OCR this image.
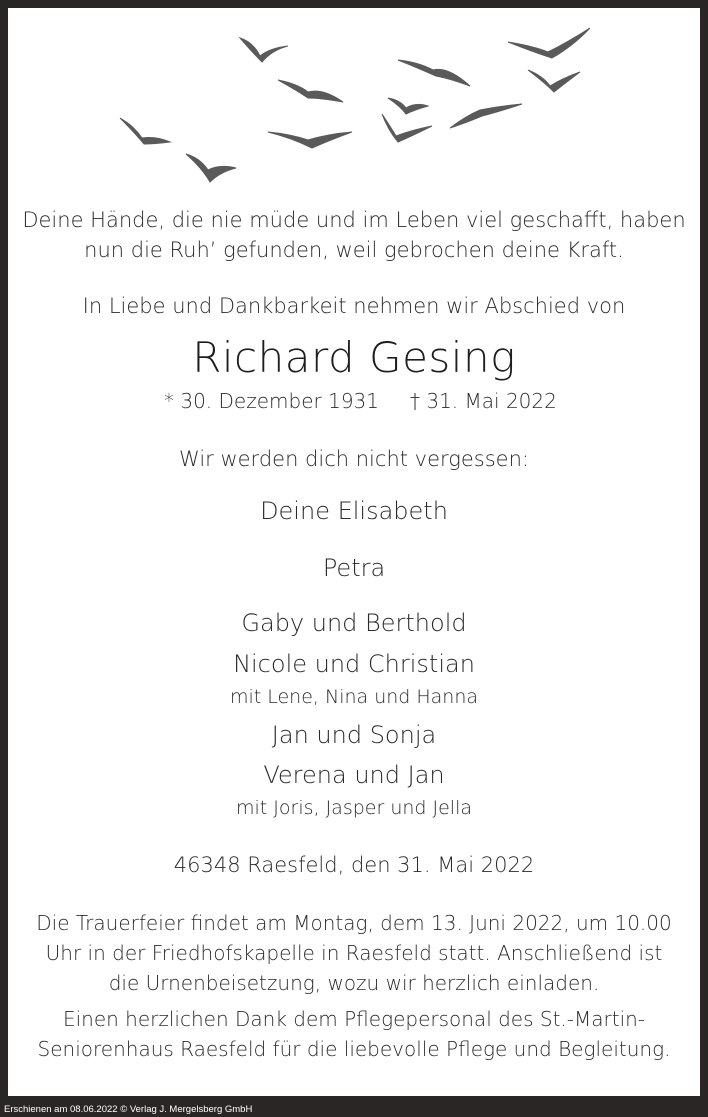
Deine Hände, die nie müde und im Leben viel geschafft, haben
nun die Ruh’ gefunden, weil gebrochen deine Kraft.
In Liebe und Dankbarkeit nehmen wir Abschied von
Richard Gesing
* 30. Dezember 1931 † 31. Mai 2022
Wir werden dich nicht vergessen:
Deine Elisabeth
Petra
Gaby und Berthold
Nicole und Christian
mit Lene, Nina und Hanna
Jan und Sonja
Verena und Jan
mit Joris, Jasper und Jella
46348 Raesfeld, den 31. Mai 2022
Die Trauerfeier findet am Montag, dem 13. Juni 2022, um 10.00
Uhr in der Friedhofskapelle in Raesfeld statt. Anschließend ist
die Urnenbeisetzung, wozu wir herzlich einladen.
Einen herzlichen Dank dem Pflegepersonal des St.-Martin-
Seniorenhaus Raesfeld für die liebevolle Pflege und Begleitung.
Erschienen am 08.06.2022 © Verlag J. Mergelsberg GmbH
